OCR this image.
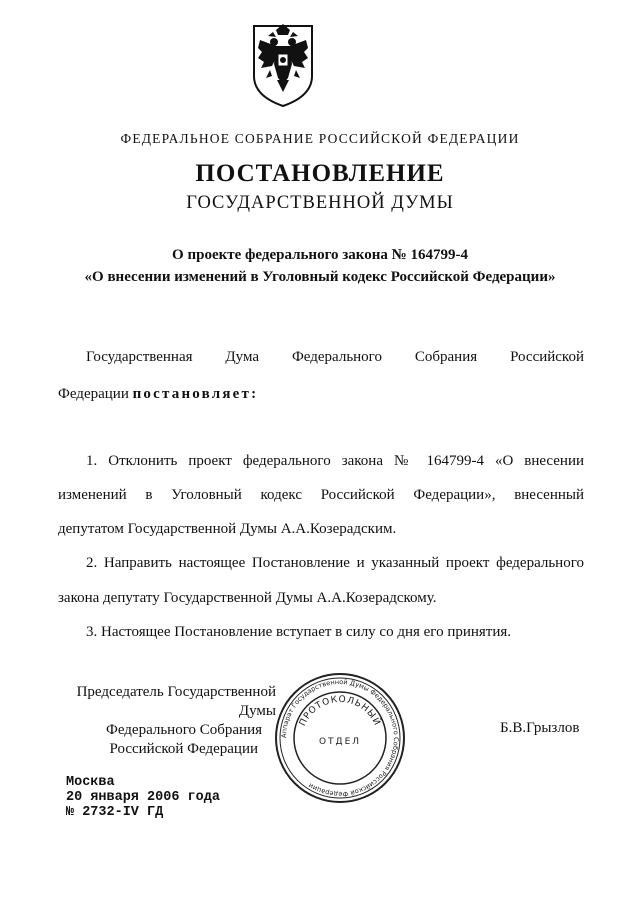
ФЕДЕРАЛЬНОЕ СОБРАНИЕ РОССИЙСКОЙ ФЕДЕРАЦИИ
ПОСТАНОВЛЕНИЕ
ГОСУДАРСТВЕННОЙ ДУМЫ
О проекте федерального закона № 164799-4
«О внесении изменений в Уголовный кодекс Российской Федерации»
Государственная Дума Федерального Собрания Российской
Федерации постановляет:
1. Отклонить проект федерального закона № 164799-4 «О внесении
изменений в Уголовный кодекс Российской Федерации», внесенный
депутатом Государственной Думы А.А.Козерадским.
2. Направить настоящее Постановление и указанный проект федерального
закона депутату Государственной Думы А.А.Козерадскому.
3. Настоящее Постановление вступает в силу со дня его принятия.
Председатель Государственной Думы
Федерального Собрания
Российской Федерации
Аппарат Государственной Думы Федерального Собрания Российской Федерации
ПРОТОКОЛЬНЫЙ
ОТДЕЛ
Б.В.Грызлов
Москва
20 января 2006 года
№ 2732-IV ГД
